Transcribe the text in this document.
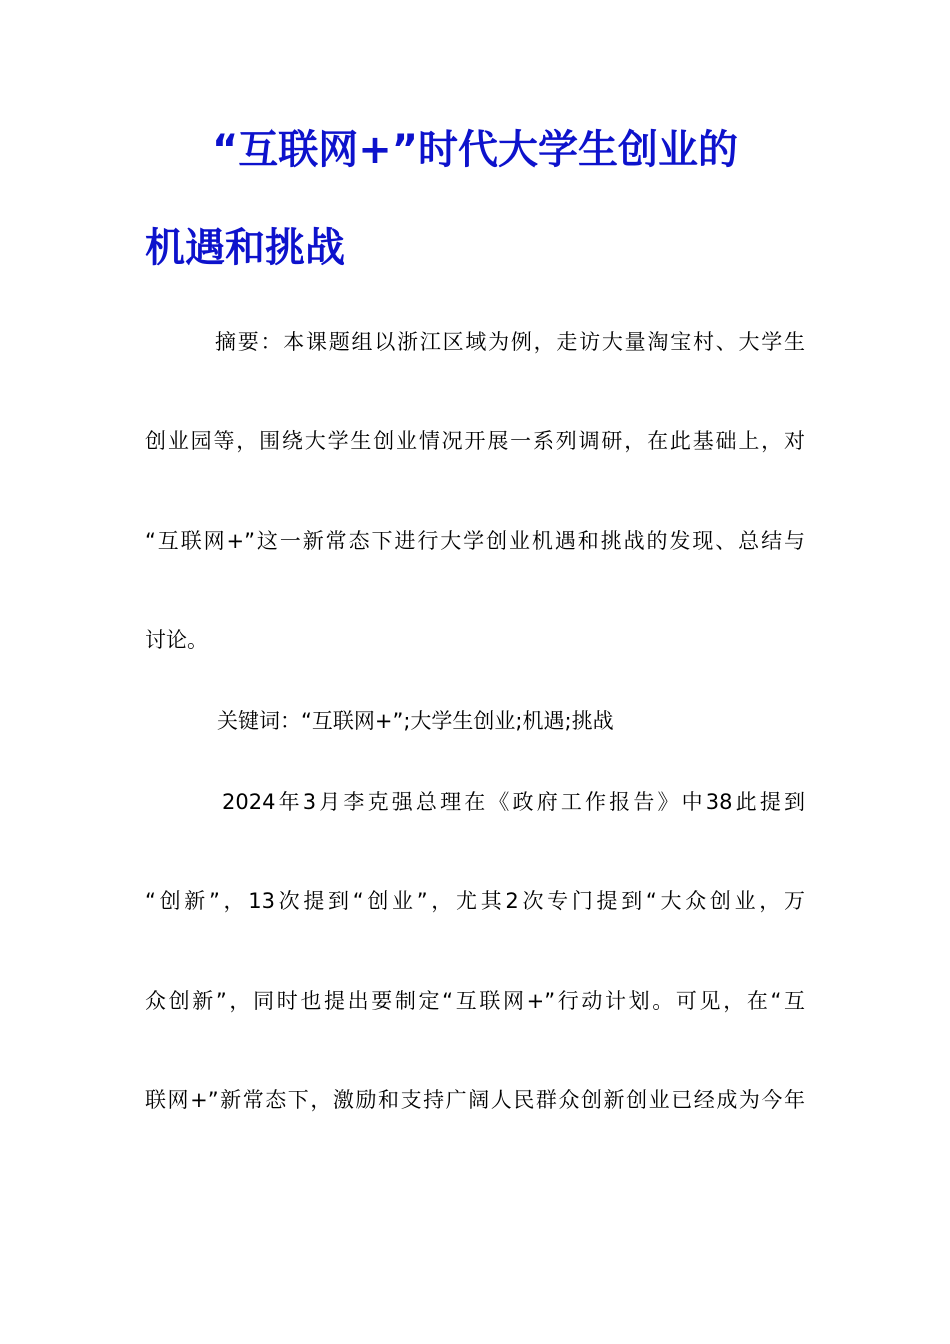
“互联网+”时代大学生创业的
机遇和挑战
摘要：本课题组以浙江区域为例，走访大量淘宝村、大学生
创业园等，围绕大学生创业情况开展一系列调研，在此基础上，对
“互联网+”这一新常态下进行大学创业机遇和挑战的发现、总结与
讨论。
关键词：“互联网+”;大学生创业;机遇;挑战
2024年3月李克强总理在《政府工作报告》中38此提到
“创新”，13次提到“创业”，尤其2次专门提到“大众创业，万
众创新”，同时也提出要制定“互联网+”行动计划。可见，在“互
联网+”新常态下，激励和支持广阔人民群众创新创业已经成为今年
